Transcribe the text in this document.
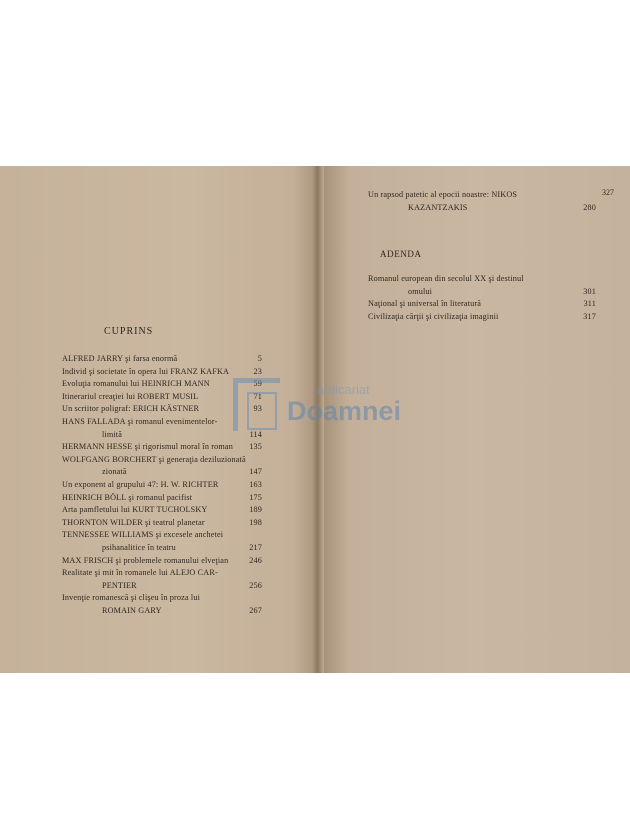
CUPRINS
ALFRED JARRY şi farsa enormă	5
Individ şi societate în opera lui FRANZ KAFKA	23
Evoluţia romanului lui HEINRICH MANN	59
Itinerariul creaţiei lui ROBERT MUSIL	71
Un scriitor poligraf: ERICH KÄSTNER	93
HANS FALLADA şi romanul evenimentelor-
limită	114
HERMANN HESSE şi rigorismul moral în roman	135
WOLFGANG BORCHERT şi generaţia deziluzionată
zionată	147
Un exponent al grupului 47: H. W. RICHTER	163
HEINRICH BÖLL şi romanul pacifist	175
Arta pamfletului lui KURT TUCHOLSKY	189
THORNTON WILDER şi teatrul planetar	198
TENNESSEE WILLIAMS şi excesele anchetei
psihanalitice în teatru	217
MAX FRISCH şi problemele romanului elveţian	246
Realitate şi mit în romanele lui ALEJO CAR-
PENTIER	256
Invenţie romanescă şi clişeu în proza lui
ROMAIN GARY	267
327
Un rapsod patetic al epocii noastre: NIKOS
KAZANTZAKIS	280
ADENDA
Romanul european din secolul XX şi destinul
omului	301
Naţional şi universal în literatură	311
Civilizaţia cărţii şi civilizaţia imaginii	317
anticariat
Doamnei
